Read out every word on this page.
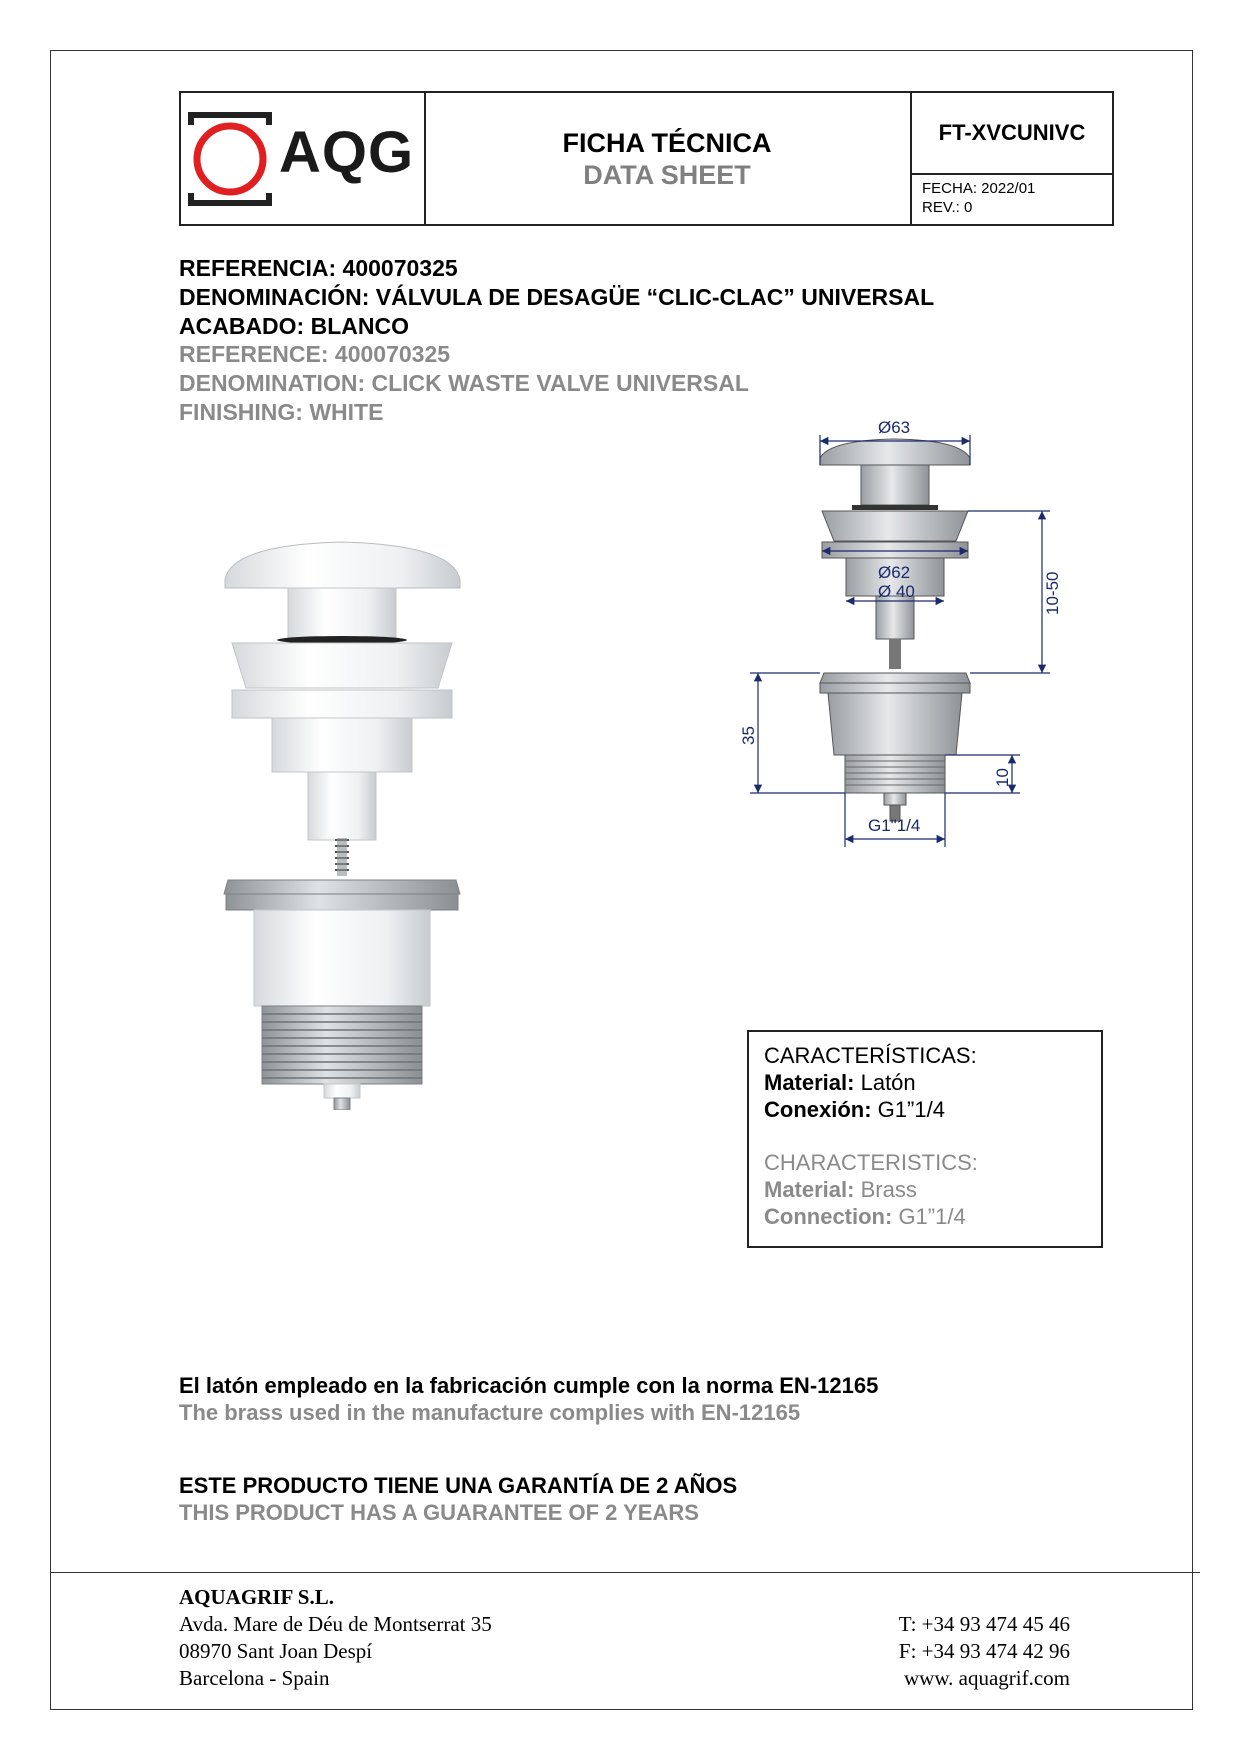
AQG	FICHA TÉCNICA
DATA SHEET
FT-XVCUNIVC
FECHA: 2022/01
REV.: 0
REFERENCIA: 400070325
DENOMINACIÓN: VÁLVULA DE DESAGÜE “CLIC-CLAC” UNIVERSAL
ACABADO: BLANCO
REFERENCE: 400070325
DENOMINATION: CLICK WASTE VALVE UNIVERSAL
FINISHING: WHITE
Ø63
Ø62
Ø 40	10-50
35
10
G1"1/4
CARACTERÍSTICAS:
Material: Latón
Conexión: G1”1/4
CHARACTERISTICS:
Material: Brass
Connection: G1”1/4
El latón empleado en la fabricación cumple con la norma EN-12165
The brass used in the manufacture complies with EN-12165
ESTE PRODUCTO TIENE UNA GARANTÍA DE 2 AÑOS
THIS PRODUCT HAS A GUARANTEE OF 2 YEARS
AQUAGRIF S.L.
Avda. Mare de Déu de Montserrat 35
08970 Sant Joan Despí
Barcelona - Spain
T: +34 93 474 45 46
F: +34 93 474 42 96
www. aquagrif.com
